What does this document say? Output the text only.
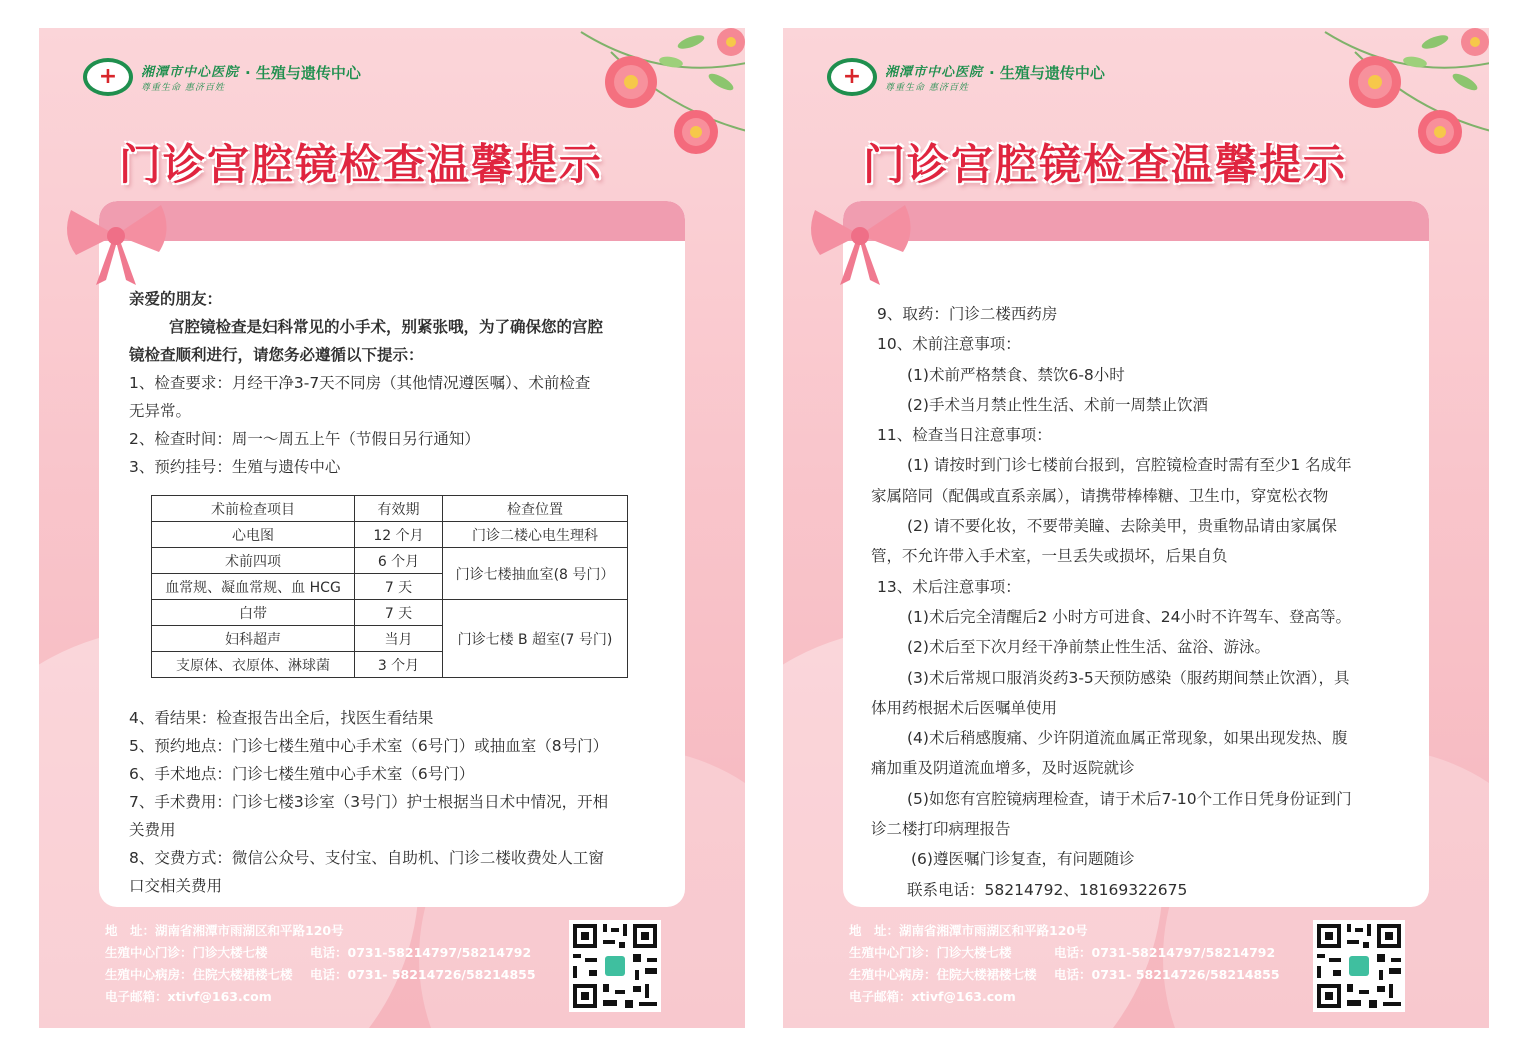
+ 湘潭市中心医院
尊重生命 惠济百姓
· 生殖与遗传中心
门诊宫腔镜检查温馨提示
亲爱的朋友：
宫腔镜检查是妇科常见的小手术，别紧张哦，为了确保您的宫腔
镜检查顺利进行，请您务必遵循以下提示：
1、检查要求：月经干净3-7天不同房（其他情况遵医嘱）、术前检查
无异常。
2、检查时间：周一～周五上午（节假日另行通知）
3、预约挂号：生殖与遗传中心
术前检查项目	有效期	检查位置
心电图	12 个月	门诊二楼心电生理科
术前四项	6 个月	门诊七楼抽血室(8 号门）
血常规、凝血常规、血 HCG	7 天	
白带	7 天	门诊七楼 B 超室(7 号门)
妇科超声	当月	
支原体、衣原体、淋球菌	3 个月	
4、看结果：检查报告出全后，找医生看结果
5、预约地点：门诊七楼生殖中心手术室（6号门）或抽血室（8号门）
6、手术地点：门诊七楼生殖中心手术室（6号门）
7、手术费用：门诊七楼3诊室（3号门）护士根据当日术中情况，开相
关费用
8、交费方式：微信公众号、支付宝、自助机、门诊二楼收费处人工窗
口交相关费用
地　址：湖南省湘潭市雨湖区和平路120号
生殖中心门诊：门诊大楼七楼	电话：0731-58214797/58214792
生殖中心病房：住院大楼裙楼七楼 电话：0731- 58214726/58214855
电子邮箱：xtivf@163.com
+ 湘潭市中心医院
尊重生命 惠济百姓
· 生殖与遗传中心
门诊宫腔镜检查温馨提示
9、取药：门诊二楼西药房
10、术前注意事项：
(1)术前严格禁食、禁饮6-8小时
(2)手术当月禁止性生活、术前一周禁止饮酒
11、检查当日注意事项：
(1) 请按时到门诊七楼前台报到，宫腔镜检查时需有至少1 名成年
家属陪同（配偶或直系亲属），请携带棒棒糖、卫生巾，穿宽松衣物
(2) 请不要化妆，不要带美瞳、去除美甲，贵重物品请由家属保
管，不允许带入手术室，一旦丢失或损坏，后果自负
13、术后注意事项：
(1)术后完全清醒后2 小时方可进食、24小时不许驾车、登高等。
(2)术后至下次月经干净前禁止性生活、盆浴、游泳。
(3)术后常规口服消炎药3-5天预防感染（服药期间禁止饮酒），具
体用药根据术后医嘱单使用
(4)术后稍感腹痛、少许阴道流血属正常现象，如果出现发热、腹
痛加重及阴道流血增多，及时返院就诊
(5)如您有宫腔镜病理检查，请于术后7-10个工作日凭身份证到门
诊二楼打印病理报告
(6)遵医嘱门诊复查，有问题随诊
联系电话：58214792、18169322675
地　址：湖南省湘潭市雨湖区和平路120号
生殖中心门诊：门诊大楼七楼	电话：0731-58214797/58214792
生殖中心病房：住院大楼裙楼七楼 电话：0731- 58214726/58214855
电子邮箱：xtivf@163.com
